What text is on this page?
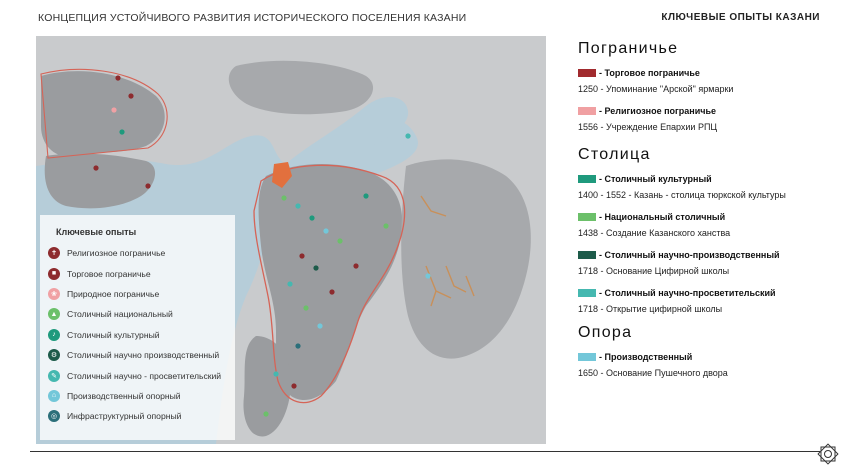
КОНЦЕПЦИЯ УСТОЙЧИВОГО РАЗВИТИЯ ИСТОРИЧЕСКОГО ПОСЕЛЕНИЯ КАЗАНИ	КЛЮЧЕВЫЕ ОПЫТЫ КАЗАНИ
Ключевые опыты
✝	Религиозное пограничье
■	Торговое пограничье
❀	Природное пограничье
▲ Столичный национальный
♪	Столичный культурный
⚙	Столичный научно производственный
✎	Столичный научно - просветительский
⌂	Производственный опорный
◎	Инфраструктурный опорный
Пограничье
- Торговое пограничье
1250 - Упоминание "Арской" ярмарки
- Религиозное пограничье
1556 - Учреждение Епархии РПЦ
Столица
- Столичный культурный
1400 - 1552 - Казань - столица тюркской культуры
- Национальный столичный
1438 - Создание Казанского ханства
- Столичный научно-производственный
1718 - Основание Цифирной школы
- Столичный научно-просветительский
1718 - Открытие цифирной школы
Опора
- Производственный
1650 - Основание Пушечного двора
